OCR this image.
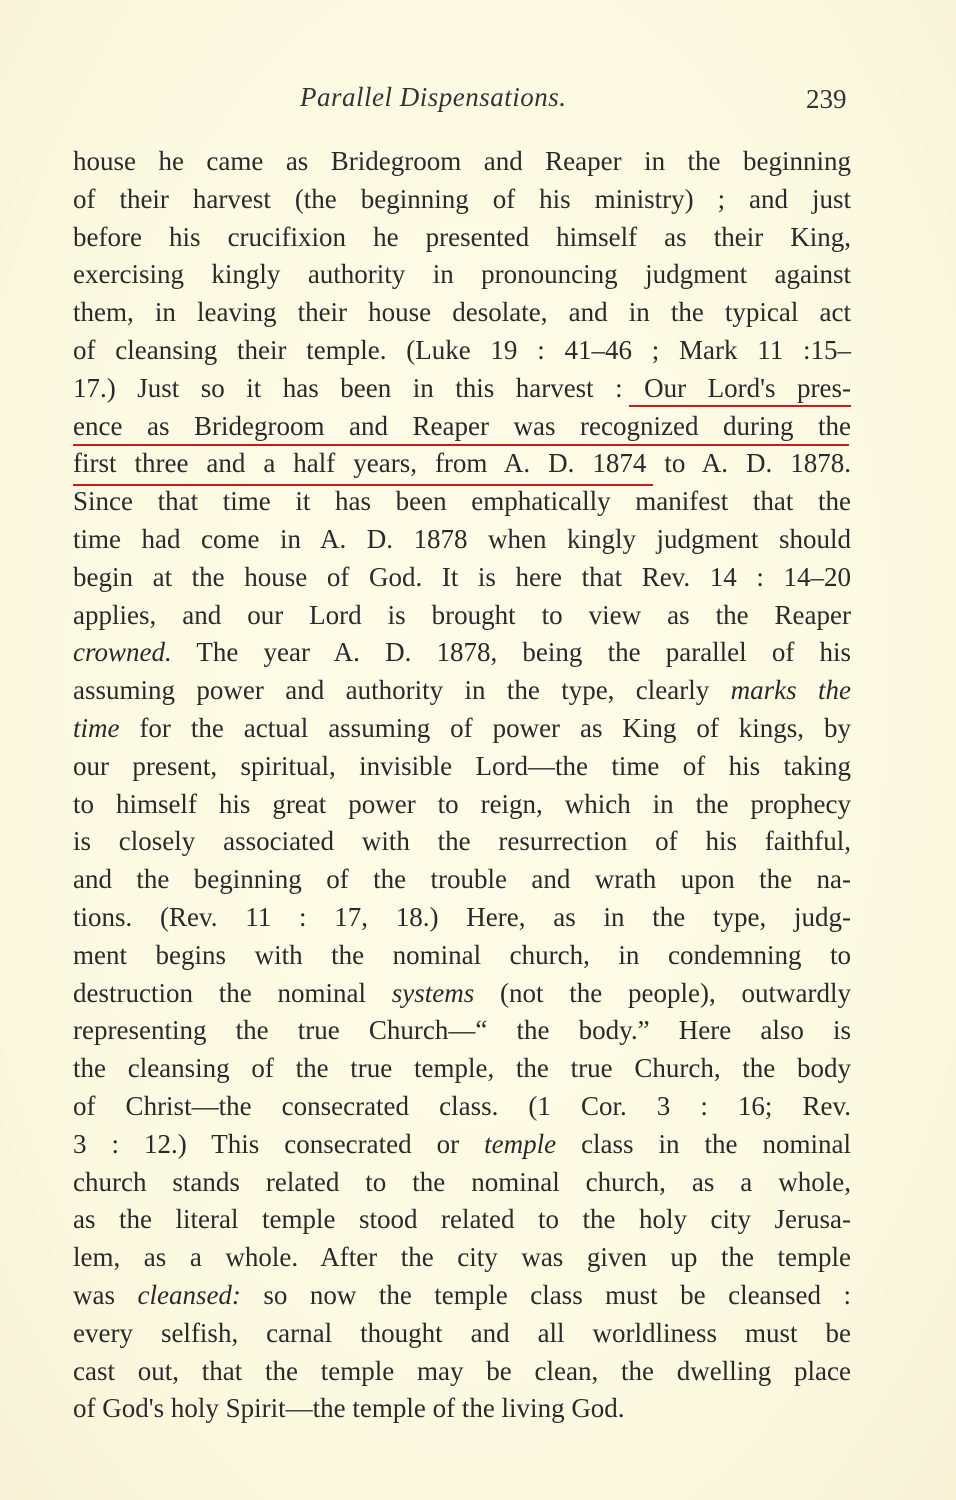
Parallel Dispensations.	239
house he came as Bridegroom and Reaper in the beginning
of their harvest (the beginning of his ministry) ; and just
before his crucifixion he presented himself as their King,
exercising kingly authority in pronouncing judgment against
them, in leaving their house desolate, and in the typical act
of cleansing their temple. (Luke 19 : 41–46 ; Mark 11 :15–
17.) Just so it has been in this harvest : Our Lord's pres-
ence as Bridegroom and Reaper was recognized during the
first three and a half years, from A. D. 1874 to A. D. 1878.
Since that time it has been emphatically manifest that the
time had come in A. D. 1878 when kingly judgment should
begin at the house of God. It is here that Rev. 14 : 14–20
applies, and our Lord is brought to view as the Reaper
crowned. The year A. D. 1878, being the parallel of his
assuming power and authority in the type, clearly marks the
time for the actual assuming of power as King of kings, by
our present, spiritual, invisible Lord—the time of his taking
to himself his great power to reign, which in the prophecy
is closely associated with the resurrection of his faithful,
and the beginning of the trouble and wrath upon the na-
tions. (Rev. 11 : 17, 18.) Here, as in the type, judg-
ment begins with the nominal church, in condemning to
destruction the nominal systems (not the people), outwardly
representing the true Church—“ the body.” Here also is
the cleansing of the true temple, the true Church, the body
of Christ—the consecrated class. (1 Cor. 3 : 16; Rev.
3 : 12.) This consecrated or temple class in the nominal
church stands related to the nominal church, as a whole,
as the literal temple stood related to the holy city Jerusa-
lem, as a whole. After the city was given up the temple
was cleansed: so now the temple class must be cleansed :
every selfish, carnal thought and all worldliness must be
cast out, that the temple may be clean, the dwelling place
of God's holy Spirit—the temple of the living God.
